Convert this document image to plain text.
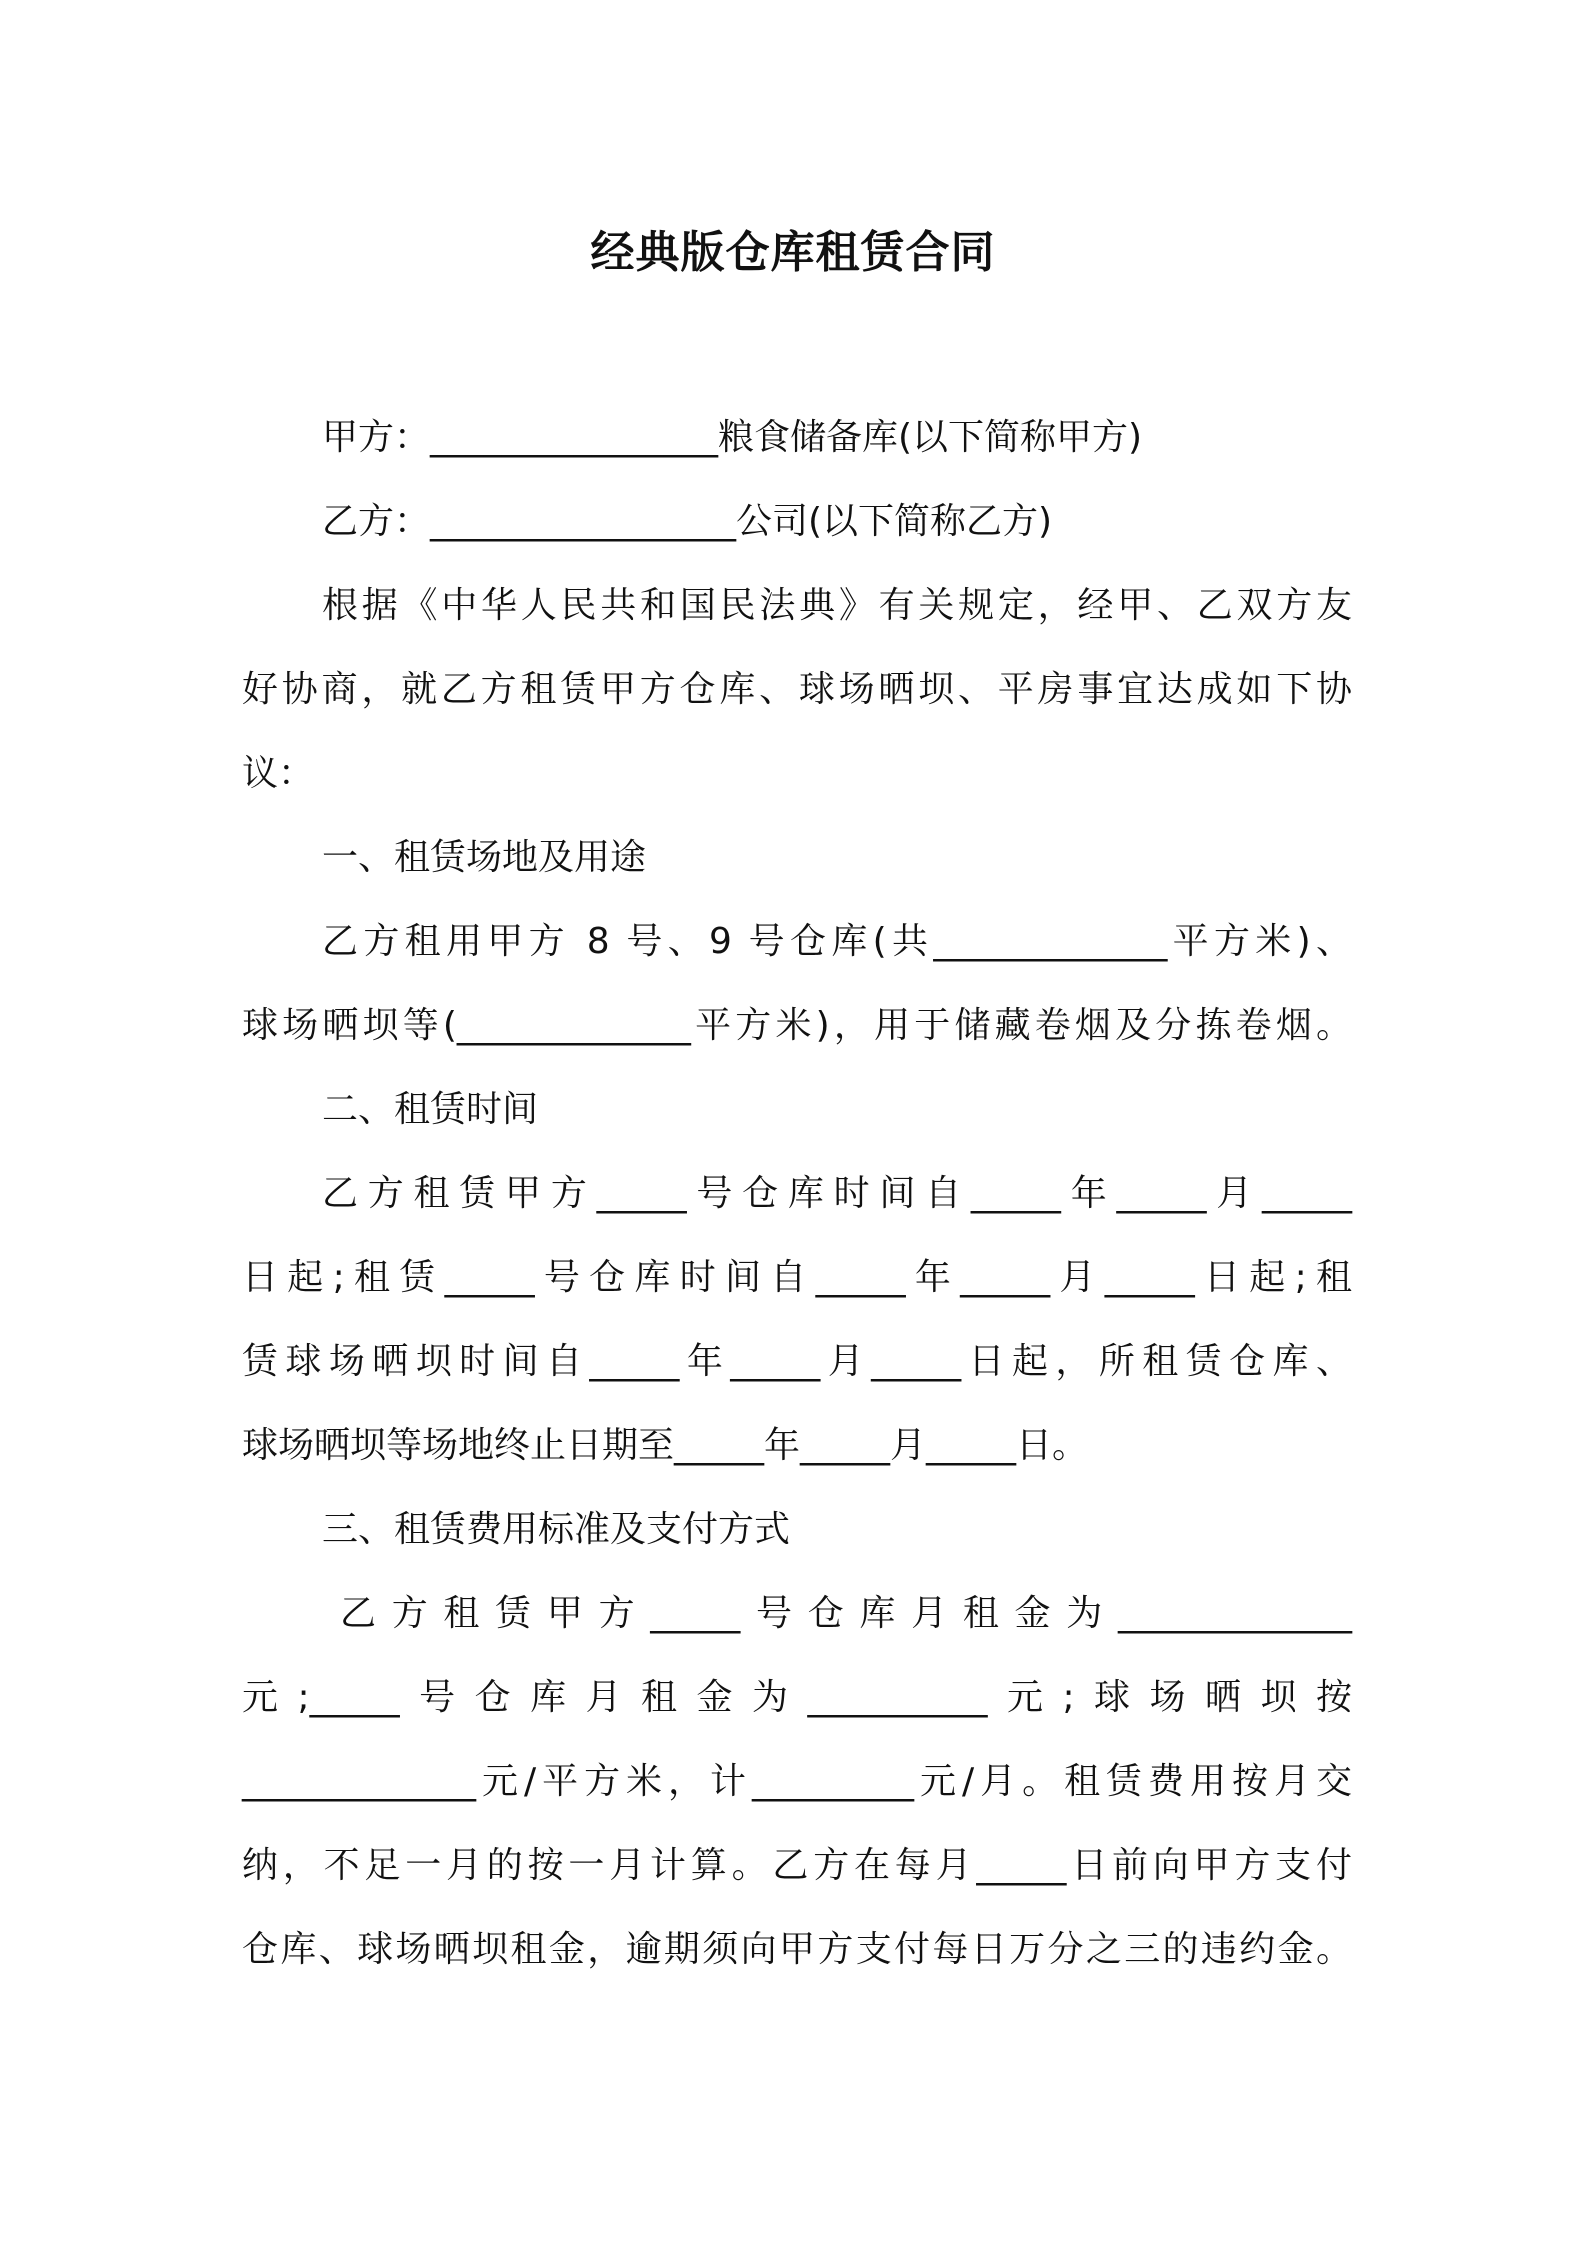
经典版仓库租赁合同
甲方：________________粮食储备库(以下简称甲方)
乙方：_________________公司(以下简称乙方)
根据《中华人民共和国民法典》有关规定，经甲、乙双方友
好协商，就乙方租赁甲方仓库、球场晒坝、平房事宜达成如下协
议：
一、租赁场地及用途
乙方租用甲方 8 号、9 号仓库(共_____________平方米)、
球场晒坝等(_____________平方米)，用于储藏卷烟及分拣卷烟。
二、租赁时间
乙方租赁甲方_____号仓库时间自_____年_____月_____
日起;租赁_____号仓库时间自_____年_____月_____日起;租
赁球场晒坝时间自_____年_____月_____日起，所租赁仓库、
球场晒坝等场地终止日期至_____年_____月_____日。
三、租赁费用标准及支付方式
乙方租赁甲方_____号仓库月租金为_____________
元;_____号仓库月租金为__________元;球场晒坝按
_____________元/平方米，计_________元/月。租赁费用按月交
纳，不足一月的按一月计算。乙方在每月_____日前向甲方支付
仓库、球场晒坝租金，逾期须向甲方支付每日万分之三的违约金。
